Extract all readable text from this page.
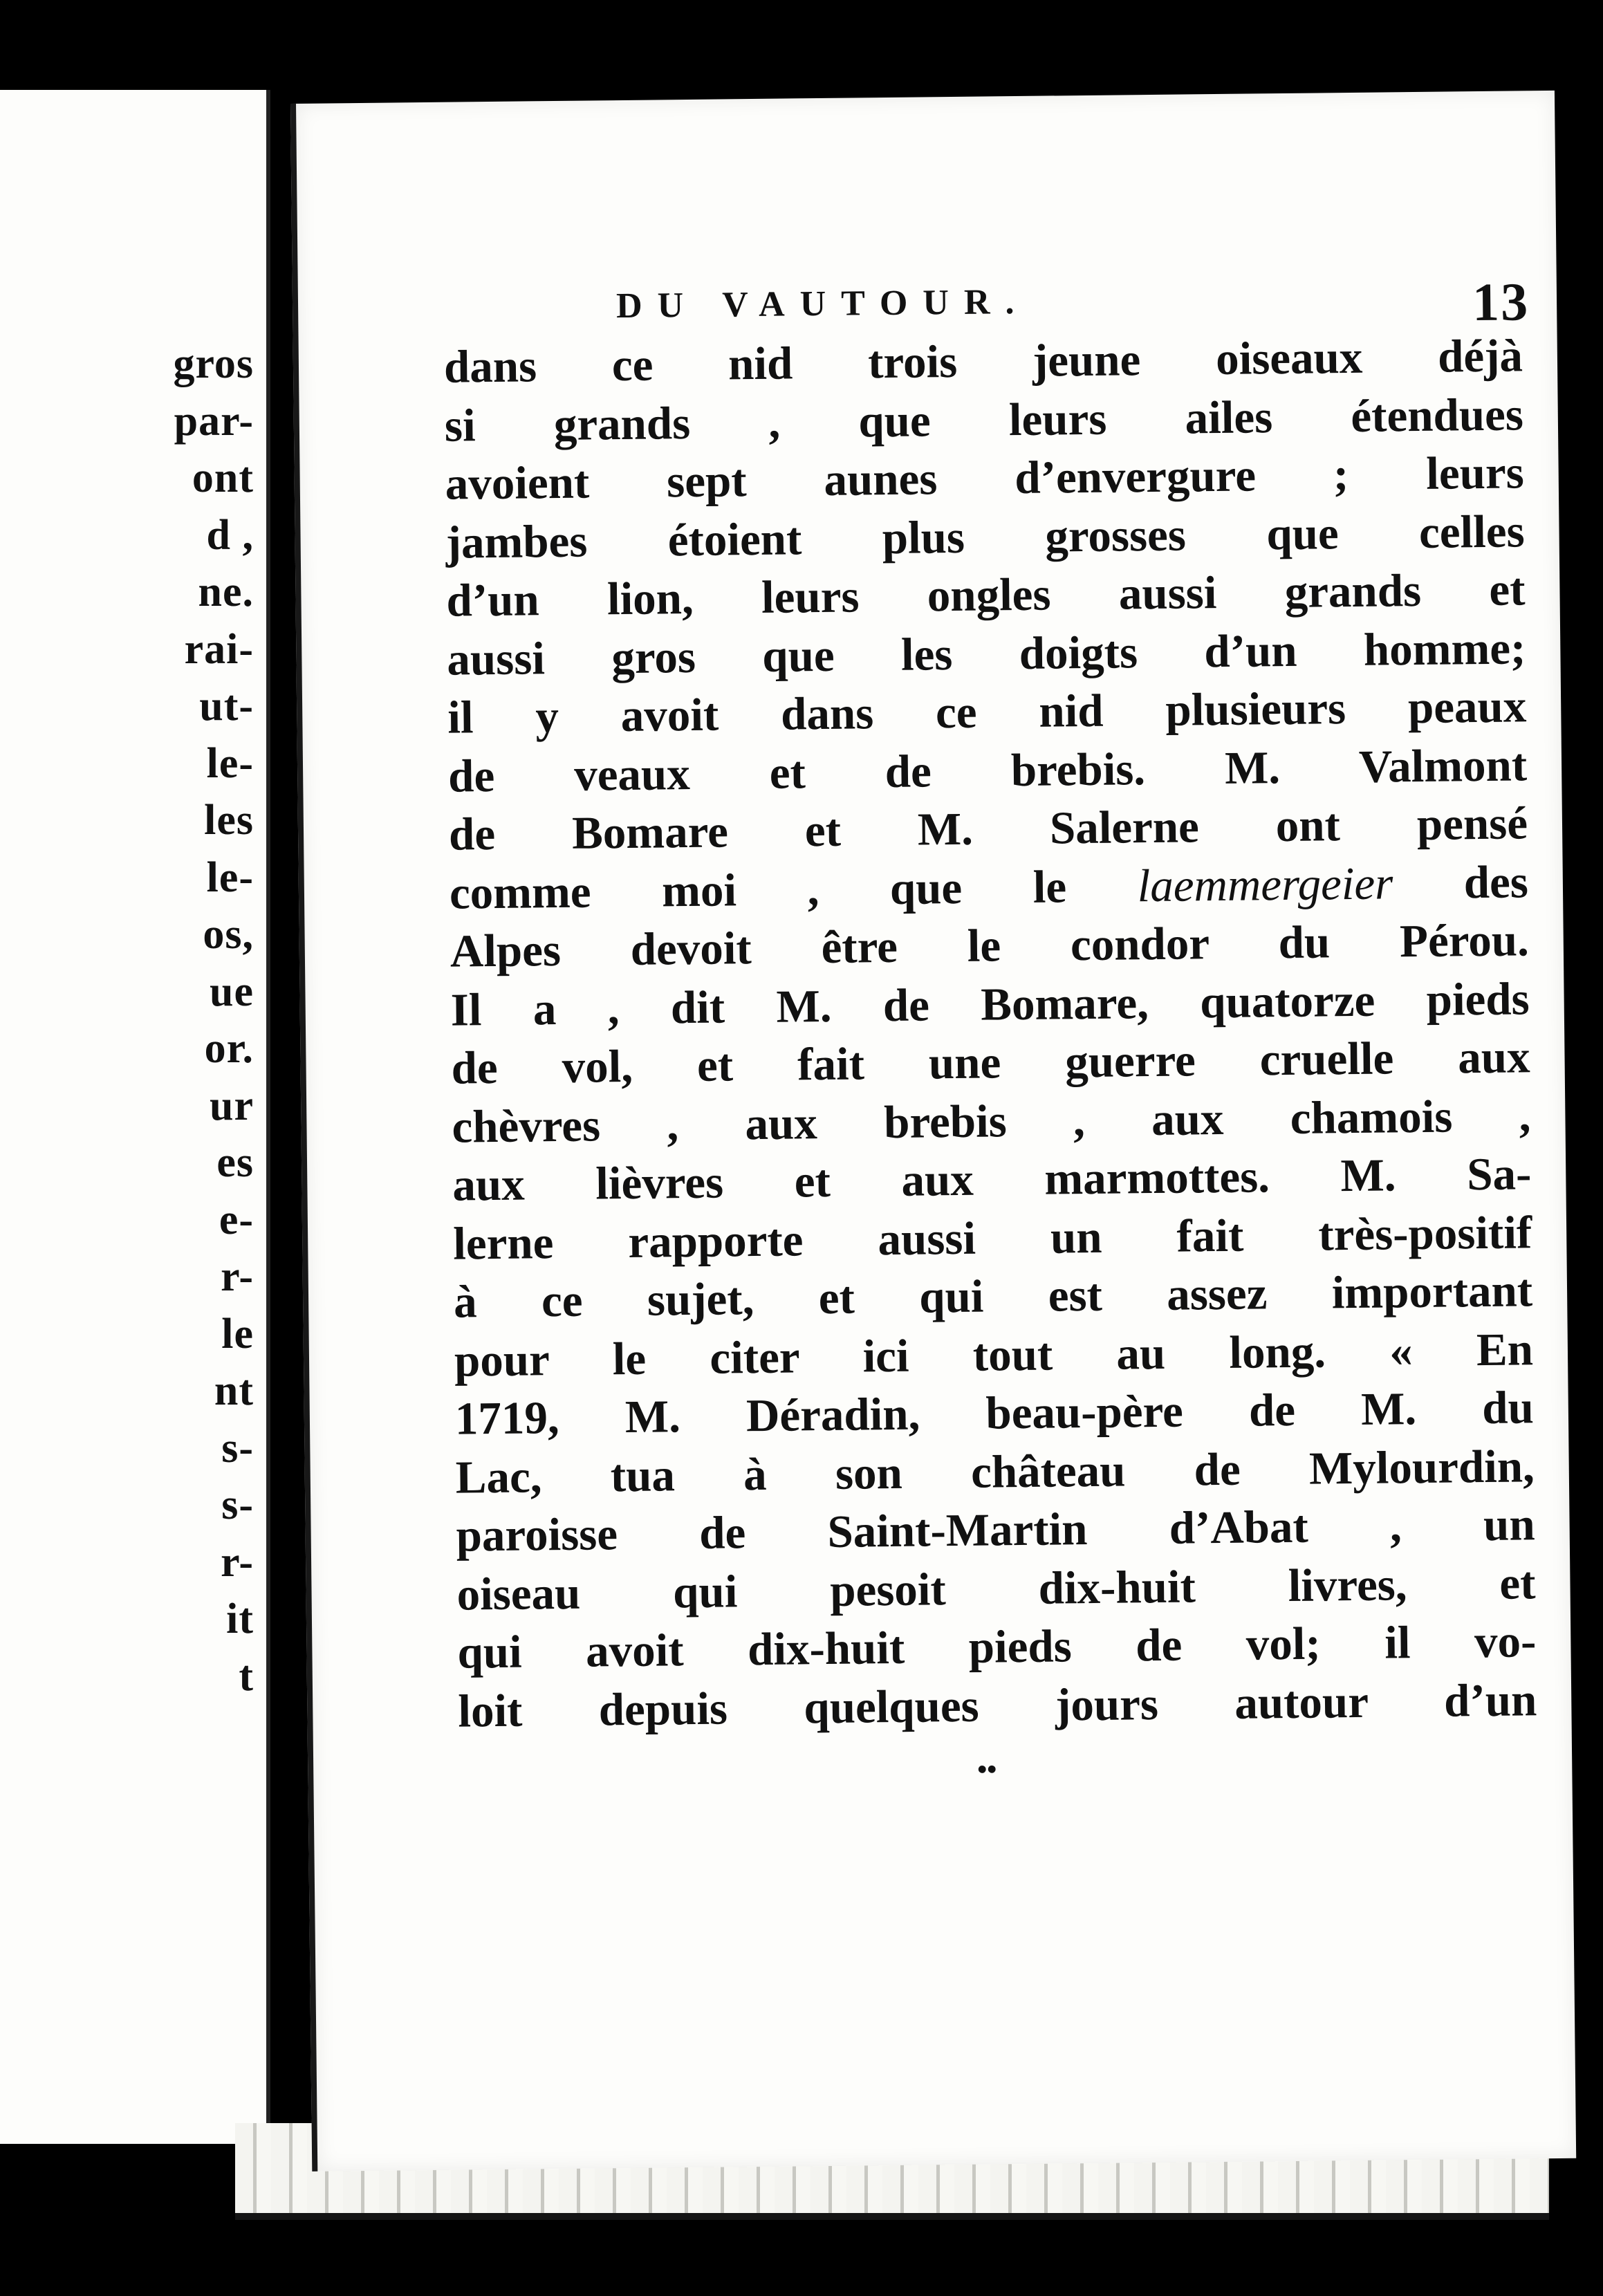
gros
par-
ont
d ,
ne.
rai-
ut-
le-
les
le-
os,
ue
or.
ur
es
e-
r-
le
nt
s-
s-
r-
it
t
DU VAUTOUR.	13
dans ce nid trois jeune oiseaux déjà
si grands , que leurs ailes étendues
avoient sept aunes d’envergure ; leurs
jambes étoient plus grosses que celles
d’un lion, leurs ongles aussi grands et
aussi gros que les doigts d’un homme;
il y avoit dans ce nid plusieurs peaux
de veaux et de brebis. M. Valmont
de Bomare et M. Salerne ont pensé
comme moi , que le laemmergeier des
Alpes devoit être le condor du Pérou.
Il a , dit M. de Bomare, quatorze pieds
de vol, et fait une guerre cruelle aux
chèvres , aux brebis , aux chamois ,
aux lièvres et aux marmottes. M. Sa-
lerne rapporte aussi un fait très-positif
à ce sujet, et qui est assez important
pour le citer ici tout au long. « En
1719, M. Déradin, beau-père de M. du
Lac, tua à son château de Mylourdin,
paroisse de Saint-Martin d’Abat , un
oiseau qui pesoit dix-huit livres, et
qui avoit dix-huit pieds de vol; il vo-
loit depuis quelques jours autour d’un
••
